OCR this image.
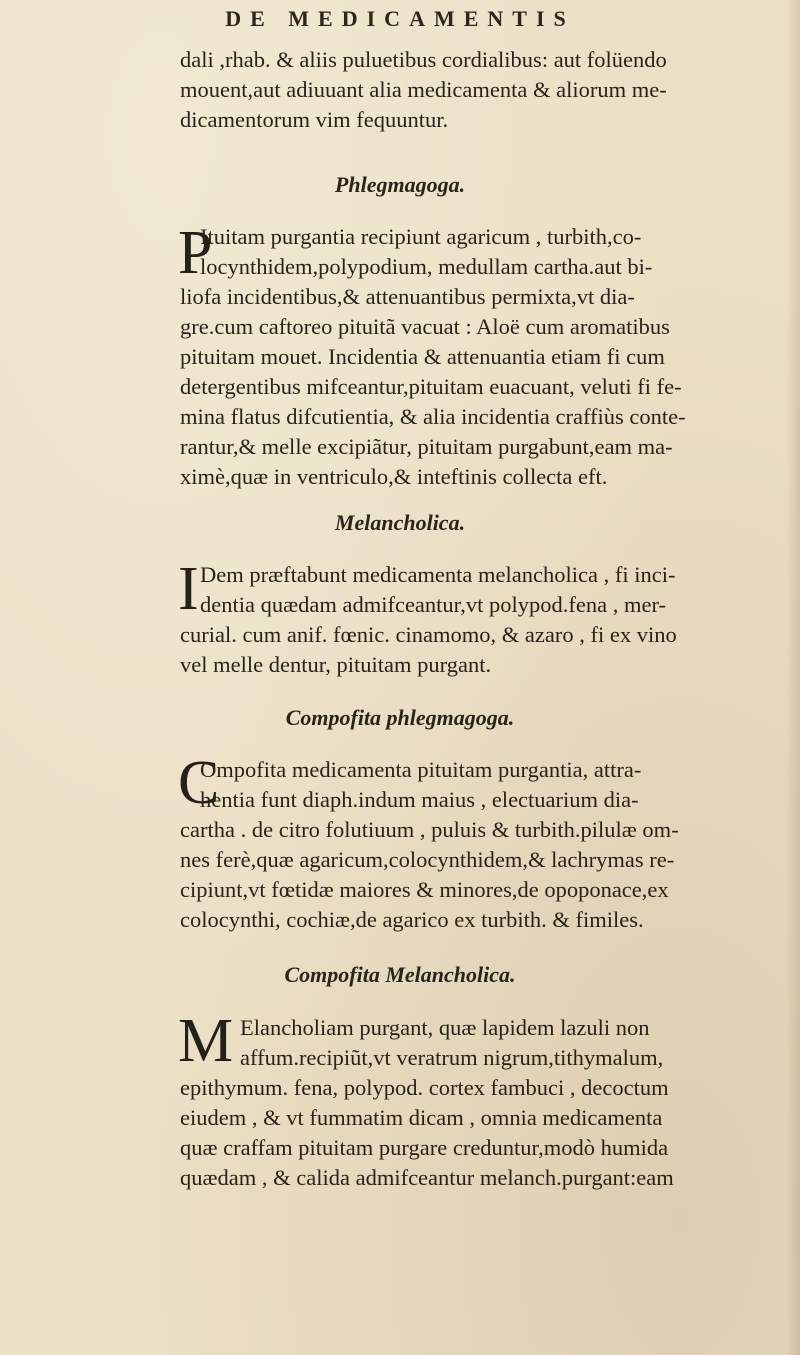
DE MEDICAMENTIS

dali ,rhab. & aliis puluetibus cordialibus: aut folüendo

mouent,aut adiuuant alia medicamenta & aliorum me-

dicamentorum vim fequuntur.

Phlegmagoga.
P

Ituitam purgantia recipiunt agaricum , turbith,co-

locynthidem,polypodium, medullam cartha.aut bi-

liofa incidentibus,& attenuantibus permixta,vt dia-

gre.cum caftoreo pituitã vacuat : Aloë cum aromatibus

pituitam mouet. Incidentia & attenuantia etiam fi cum

detergentibus mifceantur,pituitam euacuant, veluti fi fe-

mina flatus difcutientia, & alia incidentia craffiùs conte-

rantur,& melle excipiãtur, pituitam purgabunt,eam ma-

ximè,quæ in ventriculo,& inteftinis collecta eft.

Melancholica.
I Dem præftabunt medicamenta melancholica , fi inci-

dentia quædam admifceantur,vt polypod.fena , mer-

curial. cum anif. fœnic. cinamomo, & azaro , fi ex vino

vel melle dentur, pituitam purgant.

Compofita phlegmagoga.
C

Ompofita medicamenta pituitam purgantia, attra-

hentia funt diaph.indum maius , electuarium dia-

cartha . de citro folutiuum , puluis & turbith.pilulæ om-

nes ferè,quæ agaricum,colocynthidem,& lachrymas re-

cipiunt,vt fœtidæ maiores & minores,de opoponace,ex

colocynthi, cochiæ,de agarico ex turbith. & fimiles.

Compofita Melancholica.
M Elancholiam purgant, quæ lapidem lazuli non

affum.recipiũt,vt veratrum nigrum,tithymalum,

epithymum. fena, polypod. cortex fambuci , decoctum

eiudem , & vt fummatim dicam , omnia medicamenta

quæ craffam pituitam purgare creduntur,modò humida

quædam , & calida admifceantur melanch.purgant:eam
